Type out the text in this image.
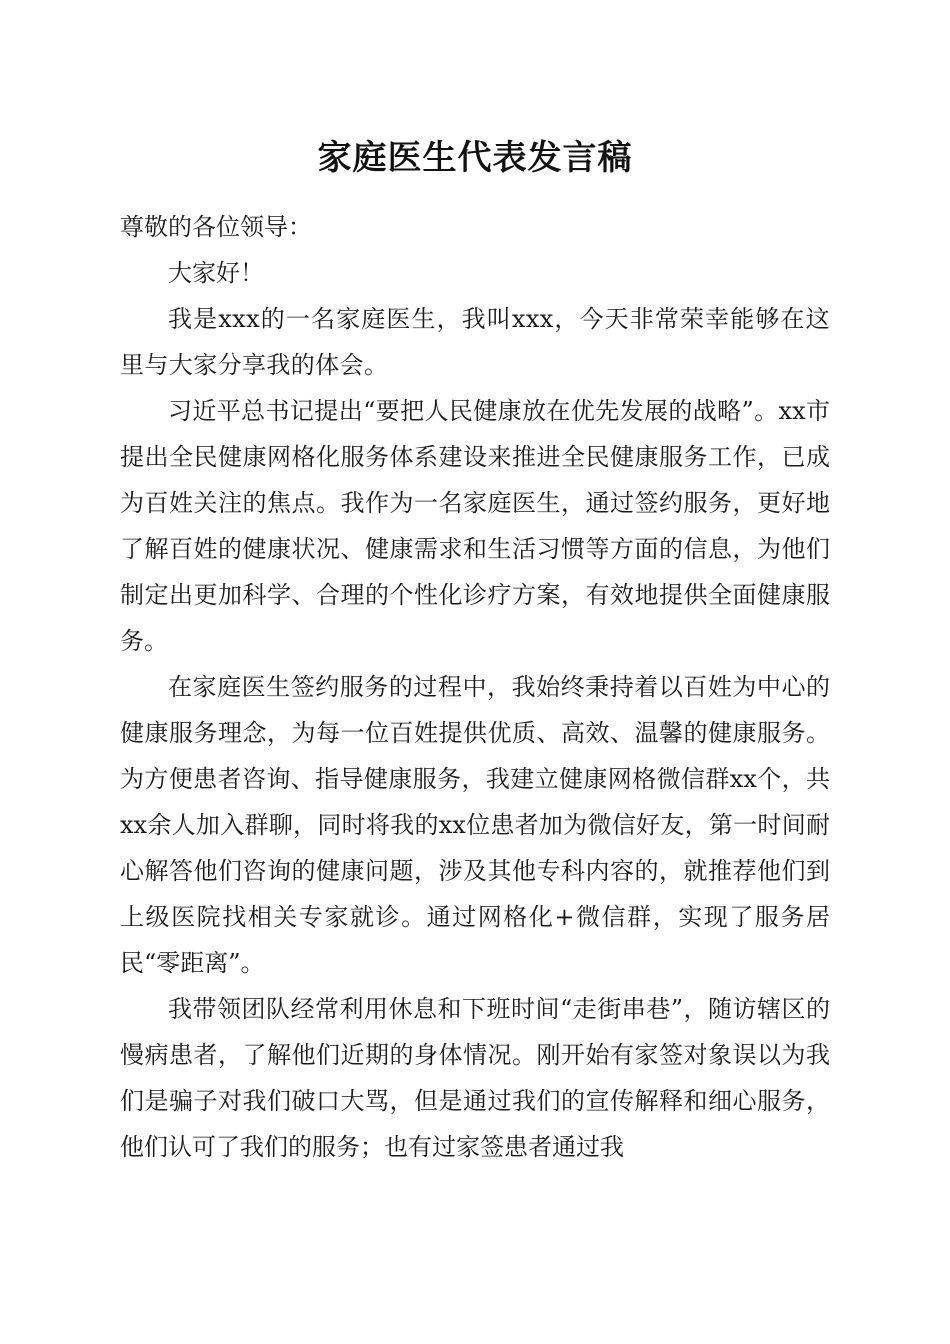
家庭医生代表发言稿

尊敬的各位领导：

大家好！

我是xxx的一名家庭医生，我叫xxx，今天非常荣幸能够在这里与大家分享我的体会。

习近平总书记提出“要把人民健康放在优先发展的战略”。xx市提出全民健康网格化服务体系建设来推进全民健康服务工作，已成为百姓关注的焦点。我作为一名家庭医生，通过签约服务，更好地了解百姓的健康状况、健康需求和生活习惯等方面的信息，为他们制定出更加科学、合理的个性化诊疗方案，有效地提供全面健康服务。

在家庭医生签约服务的过程中，我始终秉持着以百姓为中心的健康服务理念，为每一位百姓提供优质、高效、温馨的健康服务。为方便患者咨询、指导健康服务，我建立健康网格微信群xx个，共xx余人加入群聊，同时将我的xx位患者加为微信好友，第一时间耐心解答他们咨询的健康问题，涉及其他专科内容的，就推荐他们到上级医院找相关专家就诊。通过网格化+微信群，实现了服务居民“零距离”。

我带领团队经常利用休息和下班时间“走街串巷”，随访辖区的慢病患者，了解他们近期的身体情况。刚开始有家签对象误以为我们是骗子对我们破口大骂，但是通过我们的宣传解释和细心服务，他们认可了我们的服务；也有过家签患者通过我
